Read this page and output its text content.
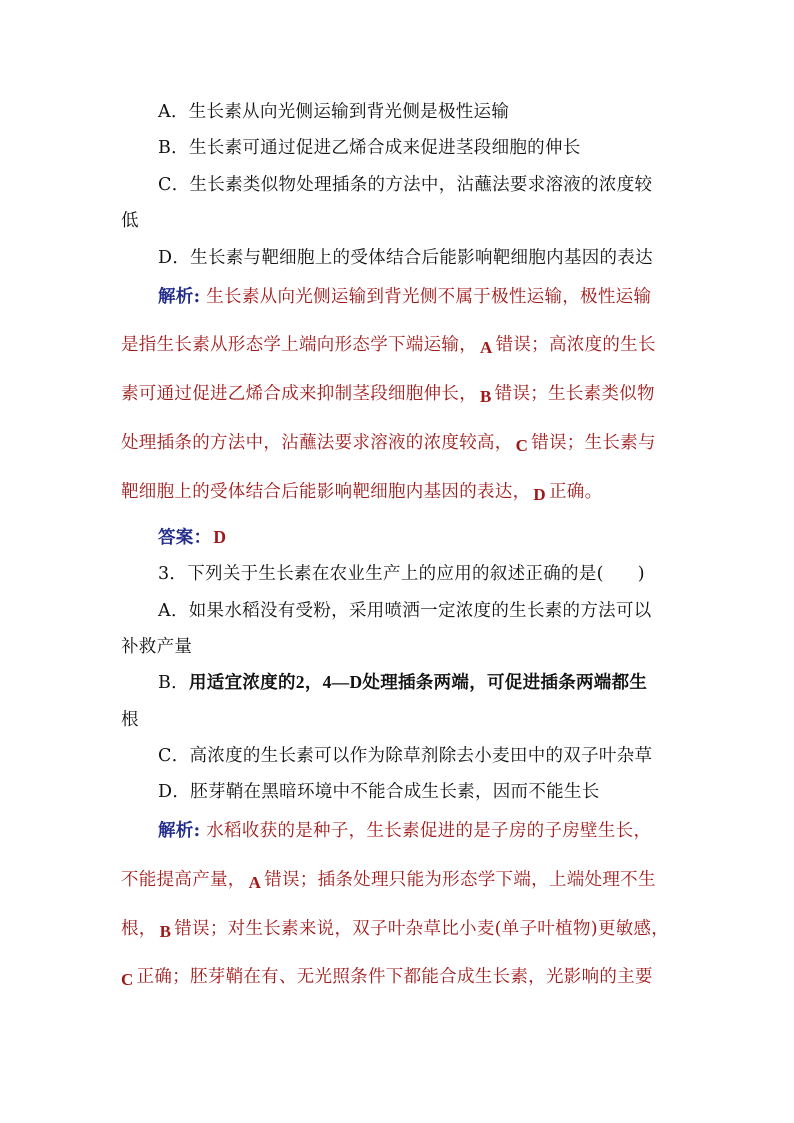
A．生长素从向光侧运输到背光侧是极性运输
B．生长素可通过促进乙烯合成来促进茎段细胞的伸长
C．生长素类似物处理插条的方法中，沾蘸法要求溶液的浓度较
低
D．生长素与靶细胞上的受体结合后能影响靶细胞内基因的表达
解析: 生长素从向光侧运输到背光侧不属于极性运输，极性运输
是指生长素从形态学上端向形态学下端运输， A 错误；高浓度的生长
素可通过促进乙烯合成来抑制茎段细胞伸长， B 错误；生长素类似物
处理插条的方法中，沾蘸法要求溶液的浓度较高， C 错误；生长素与
靶细胞上的受体结合后能影响靶细胞内基因的表达， D 正确。
答案： D
3．下列关于生长素在农业生产上的应用的叙述正确的是( )
A．如果水稻没有受粉，采用喷洒一定浓度的生长素的方法可以
补救产量
B．用适宜浓度的2，4—D处理插条两端，可促进插条两端都生
根
C．高浓度的生长素可以作为除草剂除去小麦田中的双子叶杂草
D．胚芽鞘在黑暗环境中不能合成生长素，因而不能生长
解析: 水稻收获的是种子，生长素促进的是子房的子房壁生长，
不能提高产量， A 错误；插条处理只能为形态学下端，上端处理不生
根， B 错误；对生长素来说，双子叶杂草比小麦(单子叶植物)更敏感，
C 正确；胚芽鞘在有、无光照条件下都能合成生长素，光影响的主要
